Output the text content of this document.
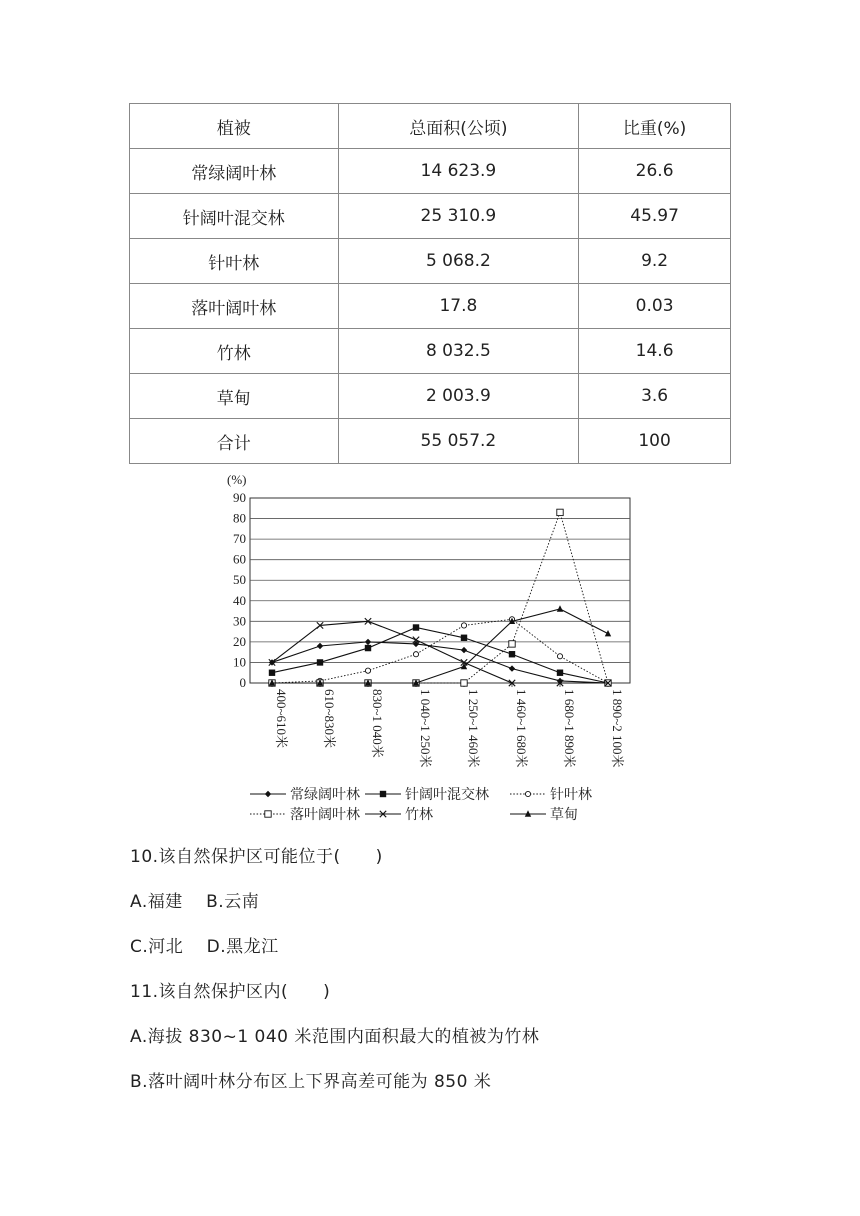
植被	总面积(公顷)	比重(%)
常绿阔叶林	14 623.9	26.6
针阔叶混交林	25 310.9	45.97
针叶林	5 068.2	9.2
落叶阔叶林	17.8	0.03
竹林	8 032.5	14.6
草甸	2 003.9	3.6
合计	55 057.2	100
(%)
0
10
20
30
40
50
60
70
80
90
400~610米	610~830米	830~1 040米	1 040~1 250米	1 250~1 460米	1 460~1 680米	1 680~1 890米	1 890~2 100米
常绿阔叶林	针阔叶混交林	针叶林
落叶阔叶林	竹林	草甸
10.该自然保护区可能位于(　　)
A.福建　 B.云南
C.河北　 D.黑龙江
11.该自然保护区内(　　)
A.海拔 830~1 040 米范围内面积最大的植被为竹林
B.落叶阔叶林分布区上下界高差可能为 850 米
